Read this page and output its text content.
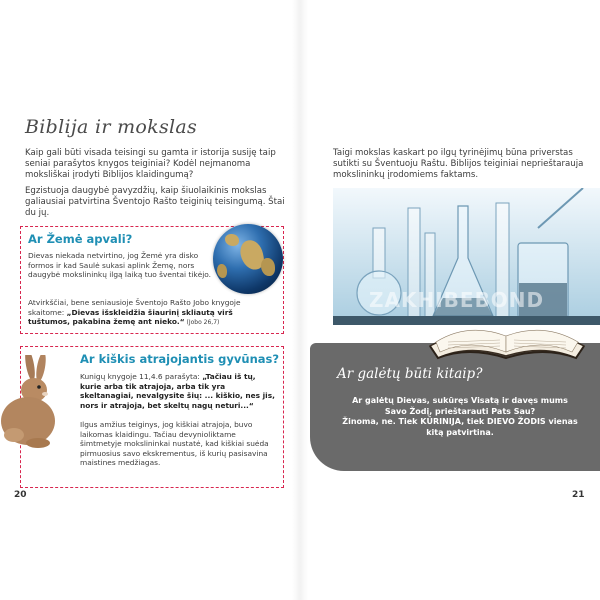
Biblija ir mokslas

Kaip gali būti visada teisingi su gamta ir istorija susiję taip seniai parašytos knygos teiginiai? Kodėl nejmanoma moksliškai įrodyti Biblijos klaidingumą?

Egzistuoja daugybė pavyzdžių, kaip šiuolaikinis mokslas galiausiai patvirtina Šventojo Rašto teiginių teisingumą. Štai du jų.

Ar Žemė apvali?

Dievas niekada netvirtino, jog Žemė yra disko formos ir kad Saulė sukasi aplink Žemę, nors daugybė mokslininkų ilgą laiką tuo šventai tikėjo.

Atvirkščiai, bene seniausioje Šventojo Rašto Jobo knygoje skaitome: „Dievas išskleidžia šiaurinį skliautą virš tuštumos, pakabina žemę ant nieko.“ (Jobo 26,7)

Ar kiškis atrajojantis gyvūnas?

Kunigų knygoje 11,4.6 parašyta: „Tačiau iš tų, kurie arba tik atrajoja, arba tik yra skeltanagiai, nevalgysite šių: ... kiškio, nes jis, nors ir atrajoja, bet skeltų nagų neturi...“

Ilgus amžius teiginys, jog kiškiai atrajoja, buvo laikomas klaidingu. Tačiau devynioliktame šimtmetyje mokslininkai nustatė, kad kiškiai suėda pirmuosius savo ekskrementus, iš kurių pasisavina maistines medžiagas.

20

Taigi mokslas kaskart po ilgų tyrinėjimų būna priverstas sutikti su Šventuoju Raštu. Biblijos teiginiai neprieštarauja mokslininkų įrodomiems faktams.

ZAKHIBEBOND
Ar galėtų būti kitaip?

Ar galėtų Dievas, sukūręs Visatą ir davęs mums Savo Žodį, prieštarauti Pats Sau?
Žinoma, ne. Tiek KŪRINIJA, tiek DIEVO ŽODIS vienas kitą patvirtina.

21
